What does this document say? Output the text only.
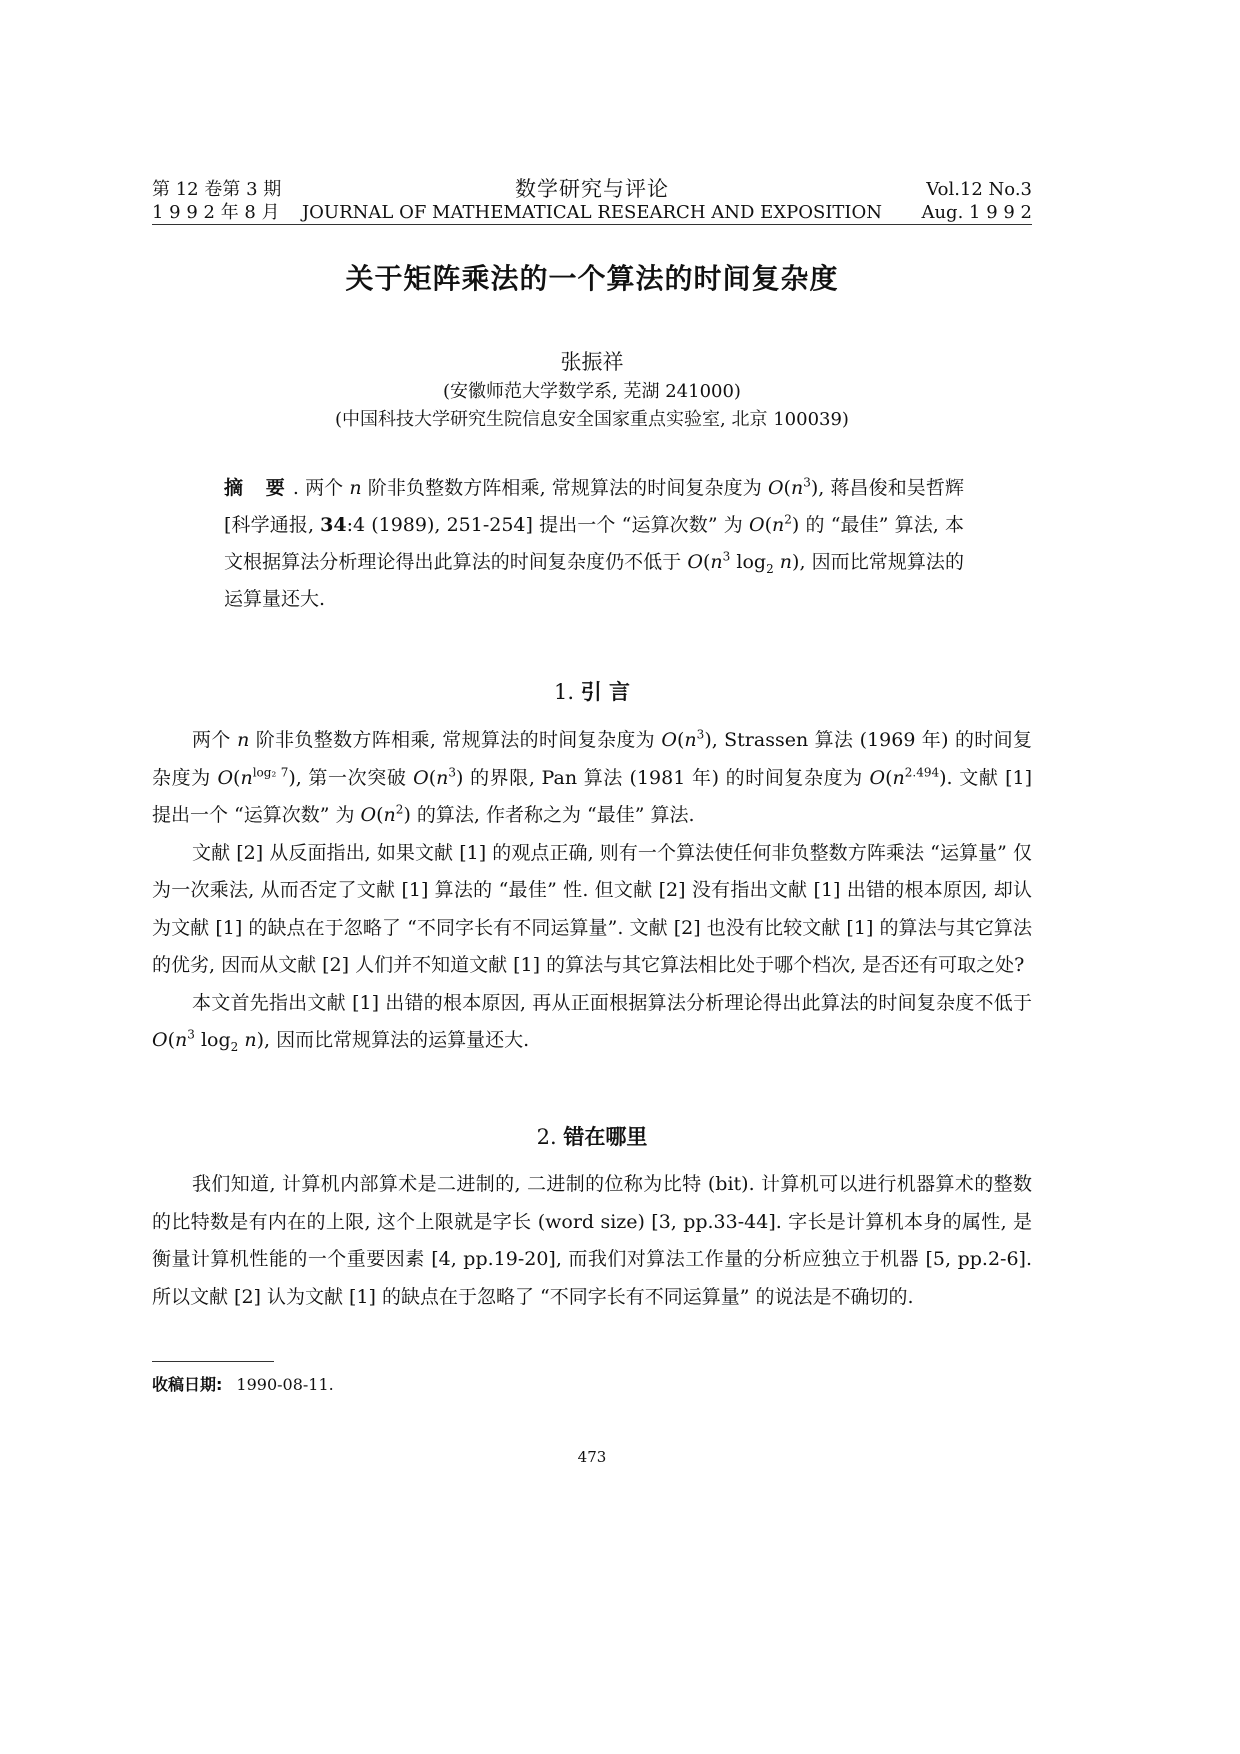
第 12 卷第 3 期
1 9 9 2 年 8 月
数学研究与评论
JOURNAL OF MATHEMATICAL RESEARCH AND EXPOSITION
Vol.12 No.3
Aug. 1 9 9 2
关于矩阵乘法的一个算法的时间复杂度
张振祥
(安徽师范大学数学系, 芜湖 241000)
(中国科技大学研究生院信息安全国家重点实验室, 北京 100039)
摘 要. 两个 n 阶非负整数方阵相乘, 常规算法的时间复杂度为 $O(n^3)$, 蒋昌俊和吴哲辉 [科学通报, 34:4 (1989), 251-254] 提出一个 “运算次数” 为 $O(n^2)$ 的 “最佳” 算法, 本文根据算法分析理论得出此算法的时间复杂度仍不低于 $O(n^3$ $\log_2 n$), 因而比常规算法的运算量还大.
1. 引 言

两个 n 阶非负整数方阵相乘, 常规算法的时间复杂度为 $O(n^3)$, Strassen 算法 (1969 年) 的时间复杂度为 $O(n^{log_2 7})$, 第一次突破 $O(n^3)$ 的界限, Pan 算法 (1981 年) 的时间复杂度为 $O(n^{2.494})$. 文献 [1] 提出一个 “运算次数” 为 $O(n^2)$ 的算法, 作者称之为 “最佳” 算法.

文献 [2] 从反面指出, 如果文献 [1] 的观点正确, 则有一个算法使任何非负整数方阵乘法 “运算量” 仅为一次乘法, 从而否定了文献 [1] 算法的 “最佳” 性. 但文献 [2] 没有指出文献 [1] 出错的根本原因, 却认为文献 [1] 的缺点在于忽略了 “不同字长有不同运算量”. 文献 [2] 也没有比较文献 [1] 的算法与其它算法的优劣, 因而从文献 [2] 人们并不知道文献 [1] 的算法与其它算法相比处于哪个档次, 是否还有可取之处?

本文首先指出文献 [1] 出错的根本原因, 再从正面根据算法分析理论得出此算法的时间复杂度不低于 $O(n^3$ $\log_2 n$), 因而比常规算法的运算量还大.

2. 错在哪里

我们知道, 计算机内部算术是二进制的, 二进制的位称为比特 (bit). 计算机可以进行机器算术的整数的比特数是有内在的上限, 这个上限就是字长 (word size) [3, pp.33-44]. 字长是计算机本身的属性, 是衡量计算机性能的一个重要因素 [4, pp.19-20], 而我们对算法工作量的分析应独立于机器 [5, pp.2-6]. 所以文献 [2] 认为文献 [1] 的缺点在于忽略了 “不同字长有不同运算量” 的说法是不确切的.

收稿日期: 1990-08-11.
473
